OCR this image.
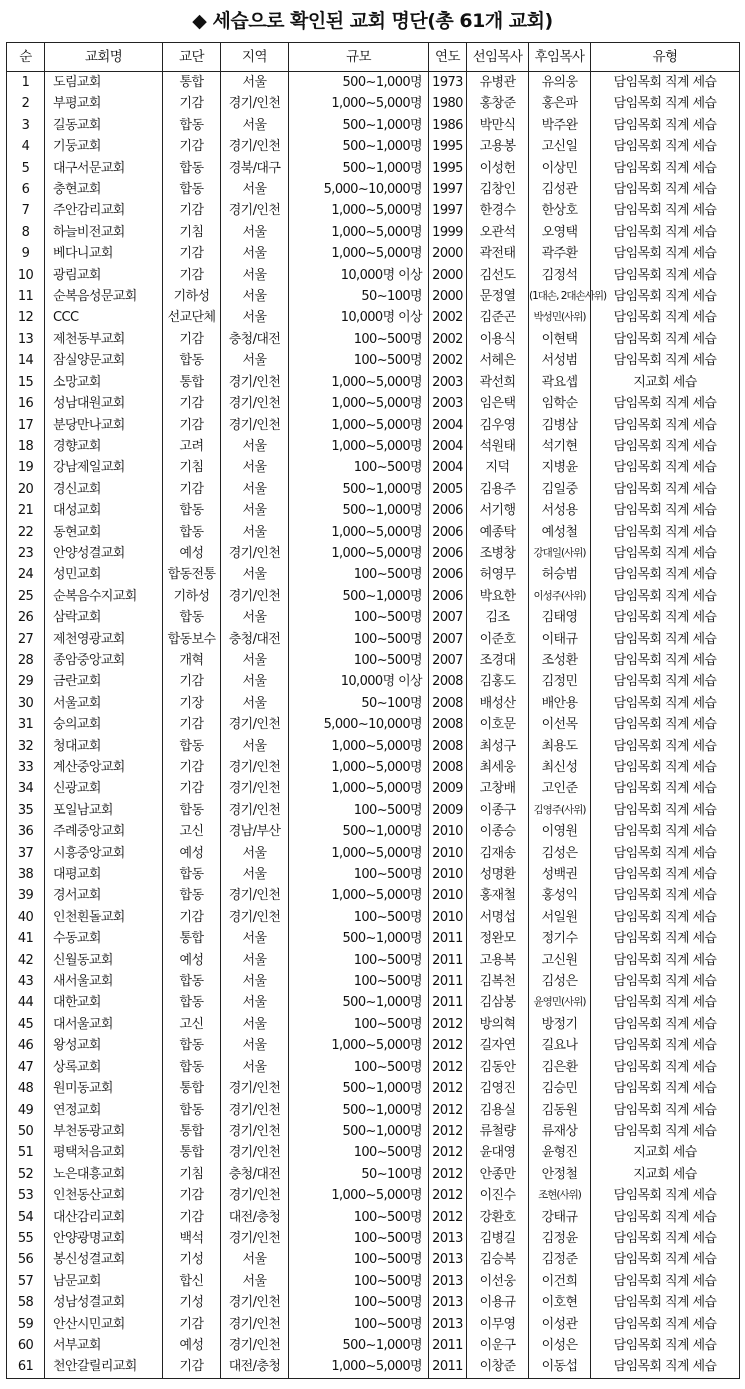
◆ 세습으로 확인된 교회 명단(총 61개 교회)
순	교회명	교단	지역	규모	연도	선임목사	후임목사	유형
1	도림교회	통합	서울	500~1,000명	1973	유병관	유의웅	담임목회 직계 세습
2	부평교회	기감	경기/인천	1,000~5,000명	1980	홍창준	홍은파	담임목회 직계 세습
3	길동교회	합동	서울	500~1,000명	1986	박만식	박주완	담임목회 직계 세습
4	기둥교회	기감	경기/인천	500~1,000명	1995	고용봉	고신일	담임목회 직계 세습
5	대구서문교회	합동	경북/대구	500~1,000명	1995	이성헌	이상민	담임목회 직계 세습
6	충현교회	합동	서울	5,000~10,000명	1997	김창인	김성관	담임목회 직계 세습
7	주안감리교회	기감	경기/인천	1,000~5,000명	1997	한경수	한상호	담임목회 직계 세습
8	하늘비전교회	기침	서울	1,000~5,000명	1999	오관석	오영택	담임목회 직계 세습
9	베다니교회	기감	서울	1,000~5,000명	2000	곽전태	곽주환	담임목회 직계 세습
10	광림교회	기감	서울	10,000명 이상	2000	김선도	김정석	담임목회 직계 세습
11	순복음성문교회	기하성	서울	50~100명	2000	문정열	(1대손, 2대손사위)	담임목회 직계 세습
12	CCC	선교단체	서울	10,000명 이상	2002	김준곤	박성민(사위)	담임목회 직계 세습
13	제천동부교회	기감	충청/대전	100~500명	2002	이용식	이현택	담임목회 직계 세습
14	잠실양문교회	합동	서울	100~500명	2002	서헤은	서성범	담임목회 직계 세습
15	소망교회	통합	경기/인천	1,000~5,000명	2003	곽선희	곽요셉	지교회 세습
16	성남대원교회	기감	경기/인천	1,000~5,000명	2003	임은택	임학순	담임목회 직계 세습
17	분당만나교회	기감	경기/인천	1,000~5,000명	2004	김우영	김병삼	담임목회 직계 세습
18	경향교회	고려	서울	1,000~5,000명	2004	석원태	석기현	담임목회 직계 세습
19	강남제일교회	기침	서울	100~500명	2004	지덕	지병윤	담임목회 직계 세습
20	경신교회	기감	서울	500~1,000명	2005	김용주	김일중	담임목회 직계 세습
21	대성교회	합동	서울	500~1,000명	2006	서기행	서성용	담임목회 직계 세습
22	동현교회	합동	서울	1,000~5,000명	2006	예종탁	예성철	담임목회 직계 세습
23	안양성결교회	예성	경기/인천	1,000~5,000명	2006	조병창	강대일(사위)	담임목회 직계 세습
24	성민교회	합동전통	서울	100~500명	2006	허영무	허승범	담임목회 직계 세습
25	순복음수지교회	기하성	경기/인천	500~1,000명	2006	박요한	이성주(사위)	담임목회 직계 세습
26	삼락교회	합동	서울	100~500명	2007	김조	김태영	담임목회 직계 세습
27	제천영광교회	합동보수	충청/대전	100~500명	2007	이준호	이태규	담임목회 직계 세습
28	종암중앙교회	개혁	서울	100~500명	2007	조경대	조성환	담임목회 직계 세습
29	금란교회	기감	서울	10,000명 이상	2008	김홍도	김정민	담임목회 직계 세습
30	서울교회	기장	서울	50~100명	2008	배성산	배안용	담임목회 직계 세습
31	숭의교회	기감	경기/인천	5,000~10,000명	2008	이호문	이선목	담임목회 직계 세습
32	청대교회	합동	서울	1,000~5,000명	2008	최성구	최용도	담임목회 직계 세습
33	계산중앙교회	기감	경기/인천	1,000~5,000명	2008	최세웅	최신성	담임목회 직계 세습
34	신광교회	기감	경기/인천	1,000~5,000명	2009	고창배	고인준	담임목회 직계 세습
35	포일남교회	합동	경기/인천	100~500명	2009	이종구	김영주(사위)	담임목회 직계 세습
36	주례중앙교회	고신	경남/부산	500~1,000명	2010	이종승	이영원	담임목회 직계 세습
37	시흥중앙교회	예성	서울	1,000~5,000명	2010	김재송	김성은	담임목회 직계 세습
38	대평교회	합동	서울	100~500명	2010	성명환	성백권	담임목회 직계 세습
39	경서교회	합동	경기/인천	1,000~5,000명	2010	홍재철	홍성익	담임목회 직계 세습
40	인천흰돌교회	기감	경기/인천	100~500명	2010	서명섭	서일원	담임목회 직계 세습
41	수동교회	통합	서울	500~1,000명	2011	정완모	정기수	담임목회 직계 세습
42	신월동교회	예성	서울	100~500명	2011	고용복	고신원	담임목회 직계 세습
43	새서울교회	합동	서울	100~500명	2011	김복천	김성은	담임목회 직계 세습
44	대한교회	합동	서울	500~1,000명	2011	김삼봉	윤영민(사위)	담임목회 직계 세습
45	대서울교회	고신	서울	100~500명	2012	방의혁	방정기	담임목회 직계 세습
46	왕성교회	합동	서울	1,000~5,000명	2012	길자연	길요나	담임목회 직계 세습
47	상록교회	합동	서울	100~500명	2012	김동안	김은환	담임목회 직계 세습
48	원미동교회	통합	경기/인천	500~1,000명	2012	김영진	김승민	담임목회 직계 세습
49	연정교회	합동	경기/인천	500~1,000명	2012	김용실	김동원	담임목회 직계 세습
50	부천동광교회	통합	경기/인천	500~1,000명	2012	류철량	류재상	담임목회 직계 세습
51	평택처음교회	통합	경기/인천	100~500명	2012	윤대영	윤형진	지교회 세습
52	노은대흥교회	기침	충청/대전	50~100명	2012	안종만	안정철	지교회 세습
53	인천동산교회	기감	경기/인천	1,000~5,000명	2012	이진수	조현(사위)	담임목회 직계 세습
54	대산감리교회	기감	대전/충청	100~500명	2012	강환호	강태규	담임목회 직계 세습
55	안양광명교회	백석	경기/인천	100~500명	2013	김병길	김정윤	담임목회 직계 세습
56	봉신성결교회	기성	서울	100~500명	2013	김승복	김정준	담임목회 직계 세습
57	남문교회	합신	서울	100~500명	2013	이선웅	이건희	담임목회 직계 세습
58	성남성결교회	기성	경기/인천	100~500명	2013	이용규	이호현	담임목회 직계 세습
59	안산시민교회	기감	경기/인천	100~500명	2013	이무영	이성관	담임목회 직계 세습
60	서부교회	예성	경기/인천	500~1,000명	2011	이운구	이성은	담임목회 직계 세습
61	천안갈릴리교회	기감	대전/충청	1,000~5,000명	2011	이창준	이동섭	담임목회 직계 세습
